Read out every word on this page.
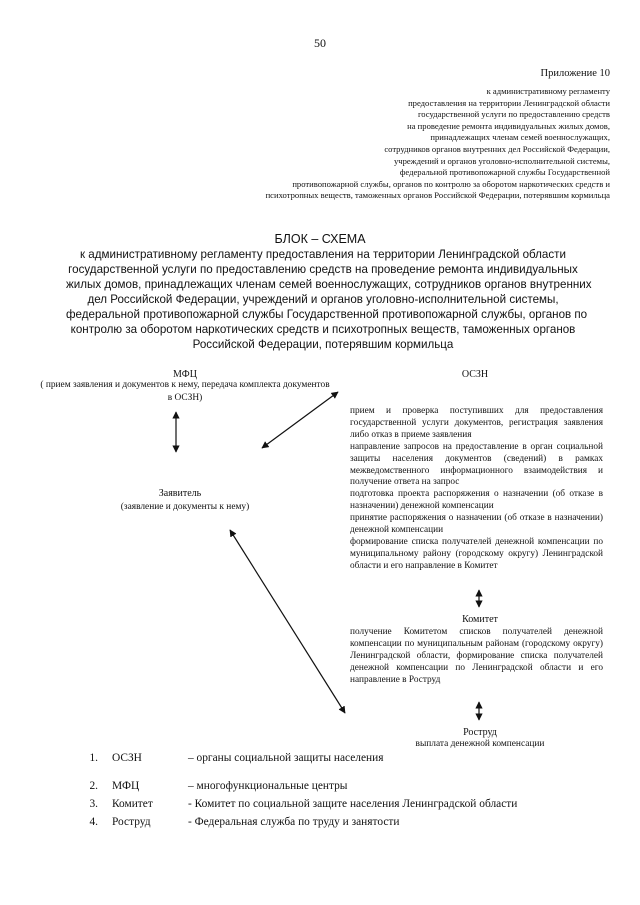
50
Приложение 10
к административному регламенту
предоставления на территории Ленинградской области
государственной услуги по предоставлению средств
на проведение ремонта индивидуальных жилых домов,
принадлежащих членам семей военнослужащих,
сотрудников органов внутренних дел Российской Федерации,
учреждений и органов уголовно-исполнительной системы,
федеральной противопожарной службы Государственной
противопожарной службы, органов по контролю за оборотом наркотических средств и
психотропных веществ, таможенных органов Российской Федерации, потерявшим кормильца
БЛОК – СХЕМА
к административному регламенту предоставления на территории Ленинградской области
государственной услуги по предоставлению средств на проведение ремонта индивидуальных
жилых домов, принадлежащих членам семей военнослужащих, сотрудников органов внутренних
дел Российской Федерации, учреждений и органов уголовно-исполнительной системы,
федеральной противопожарной службы Государственной противопожарной службы, органов по
контролю за оборотом наркотических средств и психотропных веществ, таможенных органов
Российской Федерации, потерявшим кормильца
МФЦ
( прием заявления и документов к нему, передача комплекта документов в ОСЗН)
Заявитель
(заявление и документы к нему)
ОСЗН

прием и проверка поступивших для предоставления государственной услуги документов, регистрация заявления либо отказ в приеме заявления

направление запросов на предоставление в орган социальной защиты населения документов (сведений) в рамках межведомственного информационного взаимодействия и получение ответа на запрос

подготовка проекта распоряжения о назначении (об отказе в назначении) денежной компенсации

принятие распоряжения о назначении (об отказе в назначении) денежной компенсации

формирование списка получателей денежной компенсации по муниципальному району (городскому округу) Ленинградской области и его направление в Комитет

Комитет
получение Комитетом списков получателей денежной компенсации по муниципальным районам (городскому округу) Ленинградской области, формирование списка получателей денежной компенсации по Ленинградской области и его направление в Роструд
Роструд
выплата денежной компенсации
1.	ОСЗН	– органы социальной защиты населения
2.	МФЦ	– многофункциональные центры
3.	Комитет	- Комитет по социальной защите населения Ленинградской области
4.	Роструд	- Федеральная служба по труду и занятости
